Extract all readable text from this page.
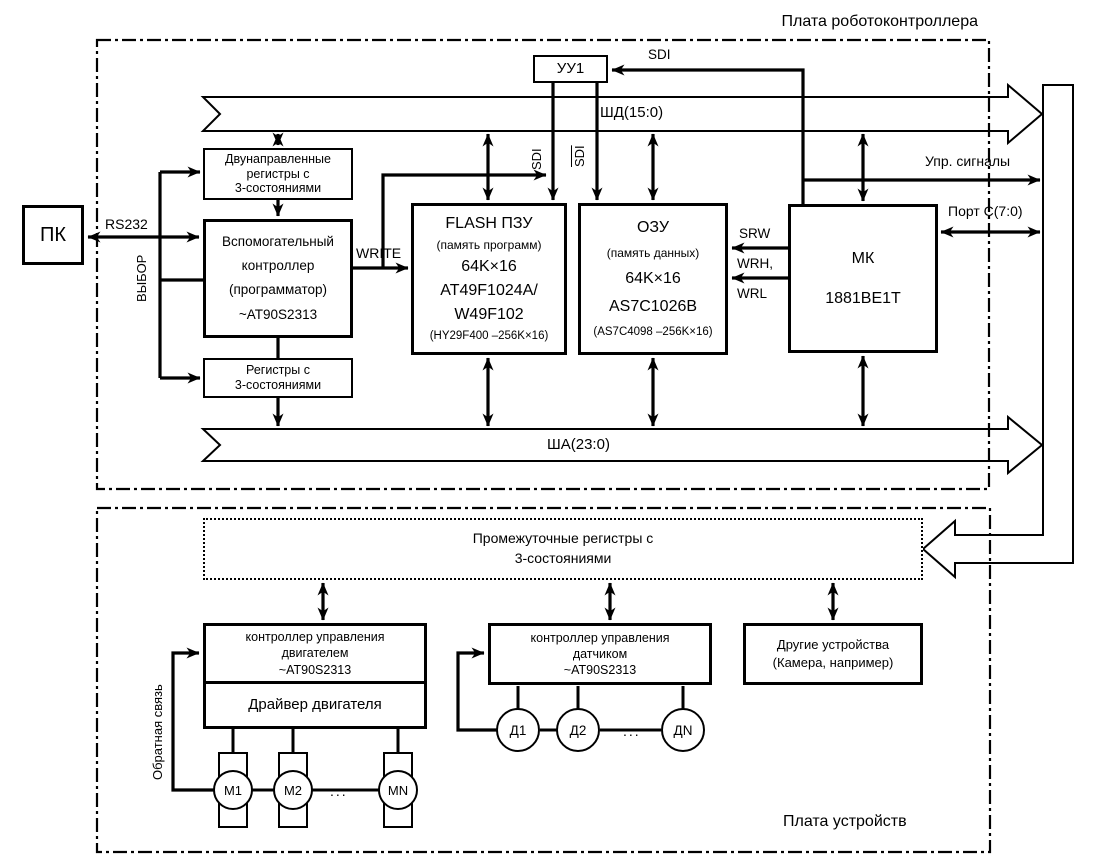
ПК
УУ1
Двунаправленные
регистры с
3-состояниями
Вспомогательный
контроллер
(программатор)
~AT90S2313
Регистры с
3-состояниями
FLASH ПЗУ
(память программ)
64K×16
AT49F1024A/
W49F102
(HY29F400 –256K×16)
ОЗУ
(память данных)
64K×16
AS7C1026B
(AS7C4098 –256K×16)
МК
1881ВЕ1Т
Промежуточные регистры с
3-состояниями
контроллер управления
двигателем
~AT90S2313
Драйвер двигателя
контроллер управления
датчиком
~AT90S2313
Другие устройства
(Камера, например)
М1	М2	МN
Д1	Д2	ДN
Плата роботоконтроллера
Плата устройств
RS232
ВЫБОР
WRITE
SDI
SDI $\overline{SDI}$
ШД(15:0)
ША(23:0)
Упр. сигналы
Порт С(7:0)
SRW
WRH,
WRL
Обратная связь
...
...
